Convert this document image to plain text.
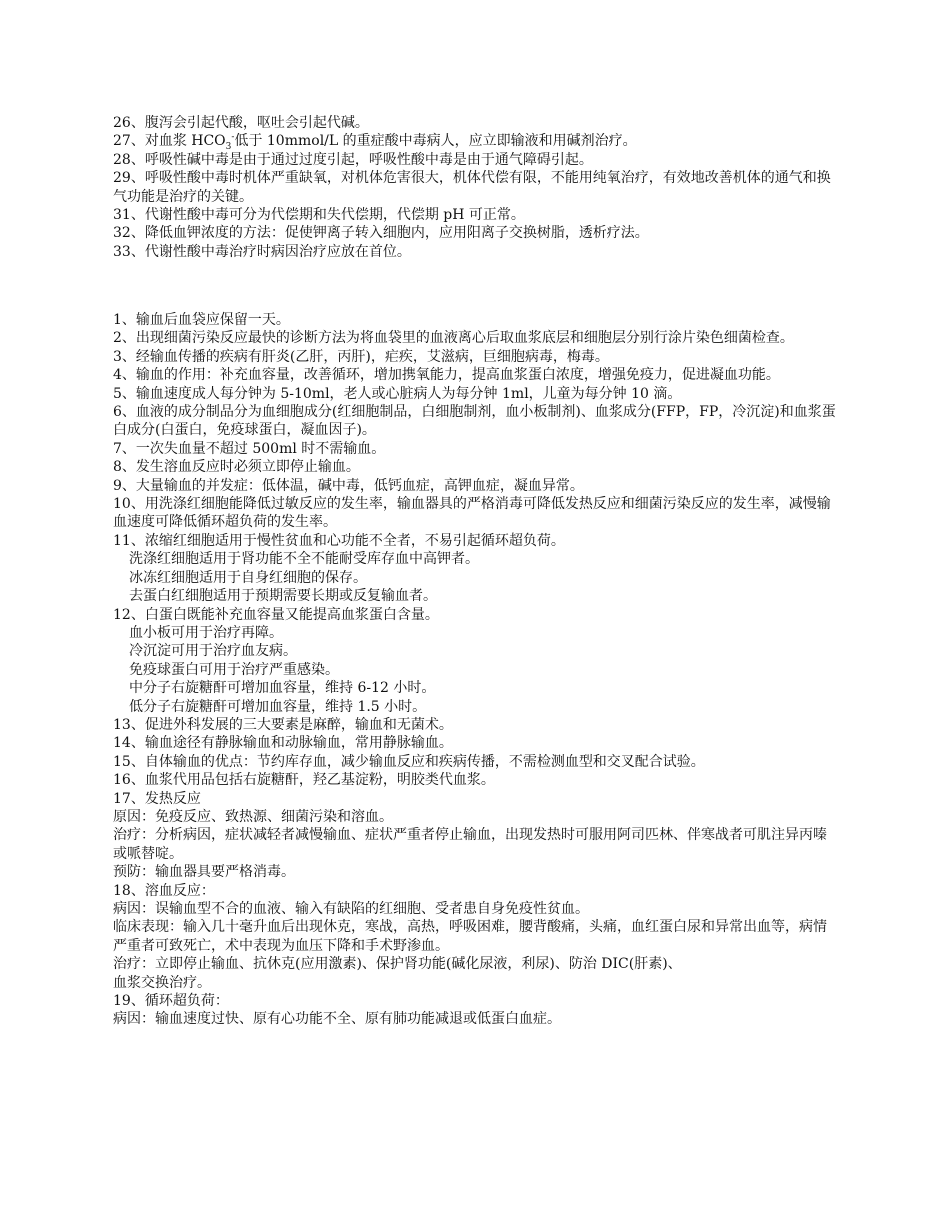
26、腹泻会引起代酸，呕吐会引起代碱。
27、对血浆 $HCO_3^-$低于 10mmol/L 的重症酸中毒病人，应立即输液和用碱剂治疗。
28、呼吸性碱中毒是由于通过过度引起，呼吸性酸中毒是由于通气障碍引起。
29、呼吸性酸中毒时机体严重缺氧，对机体危害很大，机体代偿有限，不能用纯氧治疗，有效地改善机体的通气和换气功能是治疗的关键。
31、代谢性酸中毒可分为代偿期和失代偿期，代偿期 pH 可正常。
32、降低血钾浓度的方法：促使钾离子转入细胞内，应用阳离子交换树脂，透析疗法。
33、代谢性酸中毒治疗时病因治疗应放在首位。
1、输血后血袋应保留一天。
2、出现细菌污染反应最快的诊断方法为将血袋里的血液离心后取血浆底层和细胞层分别行涂片染色细菌检查。
3、经输血传播的疾病有肝炎(乙肝，丙肝)，疟疾，艾滋病，巨细胞病毒，梅毒。
4、输血的作用：补充血容量，改善循环，增加携氧能力，提高血浆蛋白浓度，增强免疫力，促进凝血功能。
5、输血速度成人每分钟为 5-10ml，老人或心脏病人为每分钟 1ml，儿童为每分钟 10 滴。
6、血液的成分制品分为血细胞成分(红细胞制品，白细胞制剂，血小板制剂)、血浆成分(FFP，FP，冷沉淀)和血浆蛋白成分(白蛋白，免疫球蛋白，凝血因子)。
7、一次失血量不超过 500ml 时不需输血。
8、发生溶血反应时必须立即停止输血。
9、大量输血的并发症：低体温，碱中毒，低钙血症，高钾血症，凝血异常。
10、用洗涤红细胞能降低过敏反应的发生率，输血器具的严格消毒可降低发热反应和细菌污染反应的发生率，减慢输血速度可降低循环超负荷的发生率。
11、浓缩红细胞适用于慢性贫血和心功能不全者，不易引起循环超负荷。
洗涤红细胞适用于肾功能不全不能耐受库存血中高钾者。
冰冻红细胞适用于自身红细胞的保存。
去蛋白红细胞适用于预期需要长期或反复输血者。
12、白蛋白既能补充血容量又能提高血浆蛋白含量。
血小板可用于治疗再障。
冷沉淀可用于治疗血友病。
免疫球蛋白可用于治疗严重感染。
中分子右旋糖酐可增加血容量，维持 6-12 小时。
低分子右旋糖酐可增加血容量，维持 1.5 小时。
13、促进外科发展的三大要素是麻醉，输血和无菌术。
14、输血途径有静脉输血和动脉输血，常用静脉输血。
15、自体输血的优点：节约库存血，减少输血反应和疾病传播，不需检测血型和交叉配合试验。
16、血浆代用品包括右旋糖酐，羟乙基淀粉，明胶类代血浆。
17、发热反应
原因：免疫反应、致热源、细菌污染和溶血。
治疗：分析病因，症状减轻者减慢输血、症状严重者停止输血，出现发热时可服用阿司匹林、伴寒战者可肌注异丙嗪或哌替啶。
预防：输血器具要严格消毒。
18、溶血反应：
病因：误输血型不合的血液、输入有缺陷的红细胞、受者患自身免疫性贫血。
临床表现：输入几十毫升血后出现休克，寒战，高热，呼吸困难，腰背酸痛，头痛，血红蛋白尿和异常出血等，病情严重者可致死亡，术中表现为血压下降和手术野渗血。
治疗：立即停止输血、抗休克(应用激素)、保护肾功能(碱化尿液，利尿)、防治 DIC(肝素)、
血浆交换治疗。
19、循环超负荷：
病因：输血速度过快、原有心功能不全、原有肺功能减退或低蛋白血症。
